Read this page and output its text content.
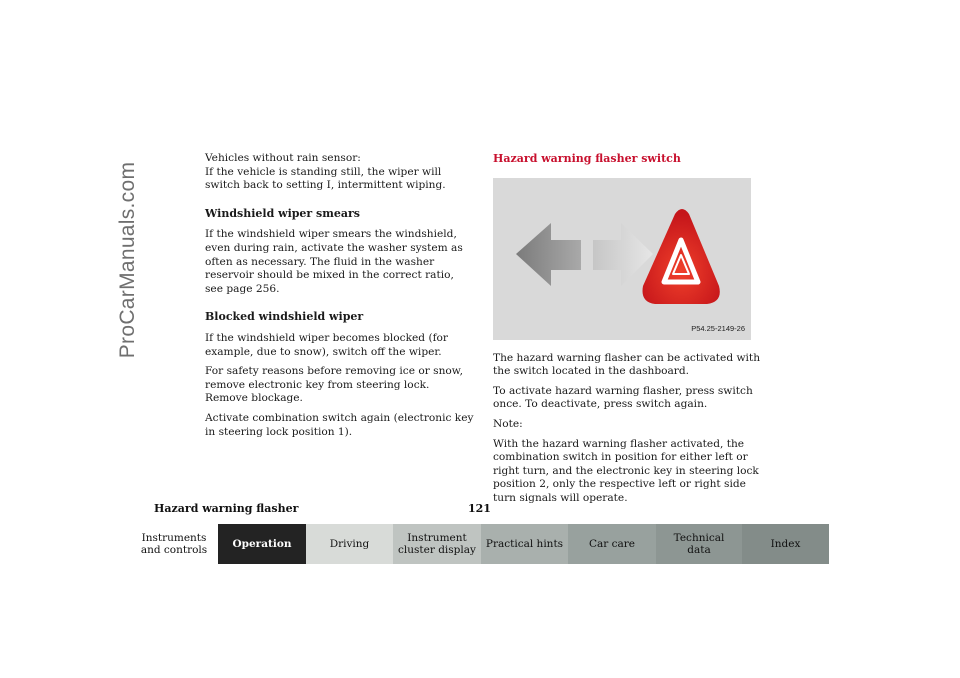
ProCarManuals.com

Vehicles without rain sensor:

If the vehicle is standing still, the wiper will switch back to setting I, intermittent wiping.

Windshield wiper smears

If the windshield wiper smears the windshield, even during rain, activate the washer system as often as necessary. The fluid in the washer reservoir should be mixed in the correct ratio, see page 256.

Blocked windshield wiper

If the windshield wiper becomes blocked (for example, due to snow), switch off the wiper.

For safety reasons before removing ice or snow, remove electronic key from steering lock. Remove blockage.

Activate combination switch again (electronic key in steering lock position 1).

Hazard warning flasher switch

P54.25-2149-26

The hazard warning flasher can be activated with the switch located in the dashboard.

To activate hazard warning flasher, press switch once. To deactivate, press switch again.

Note:

With the hazard warning flasher activated, the combination switch in position for either left or right turn, and the electronic key in steering lock position 2, only the respective left or right side turn signals will operate.

Hazard warning flasher	121
Instruments
and controls	Operation	Driving	Instrument
cluster display Practical hints	Car care	Technical
data	Index
